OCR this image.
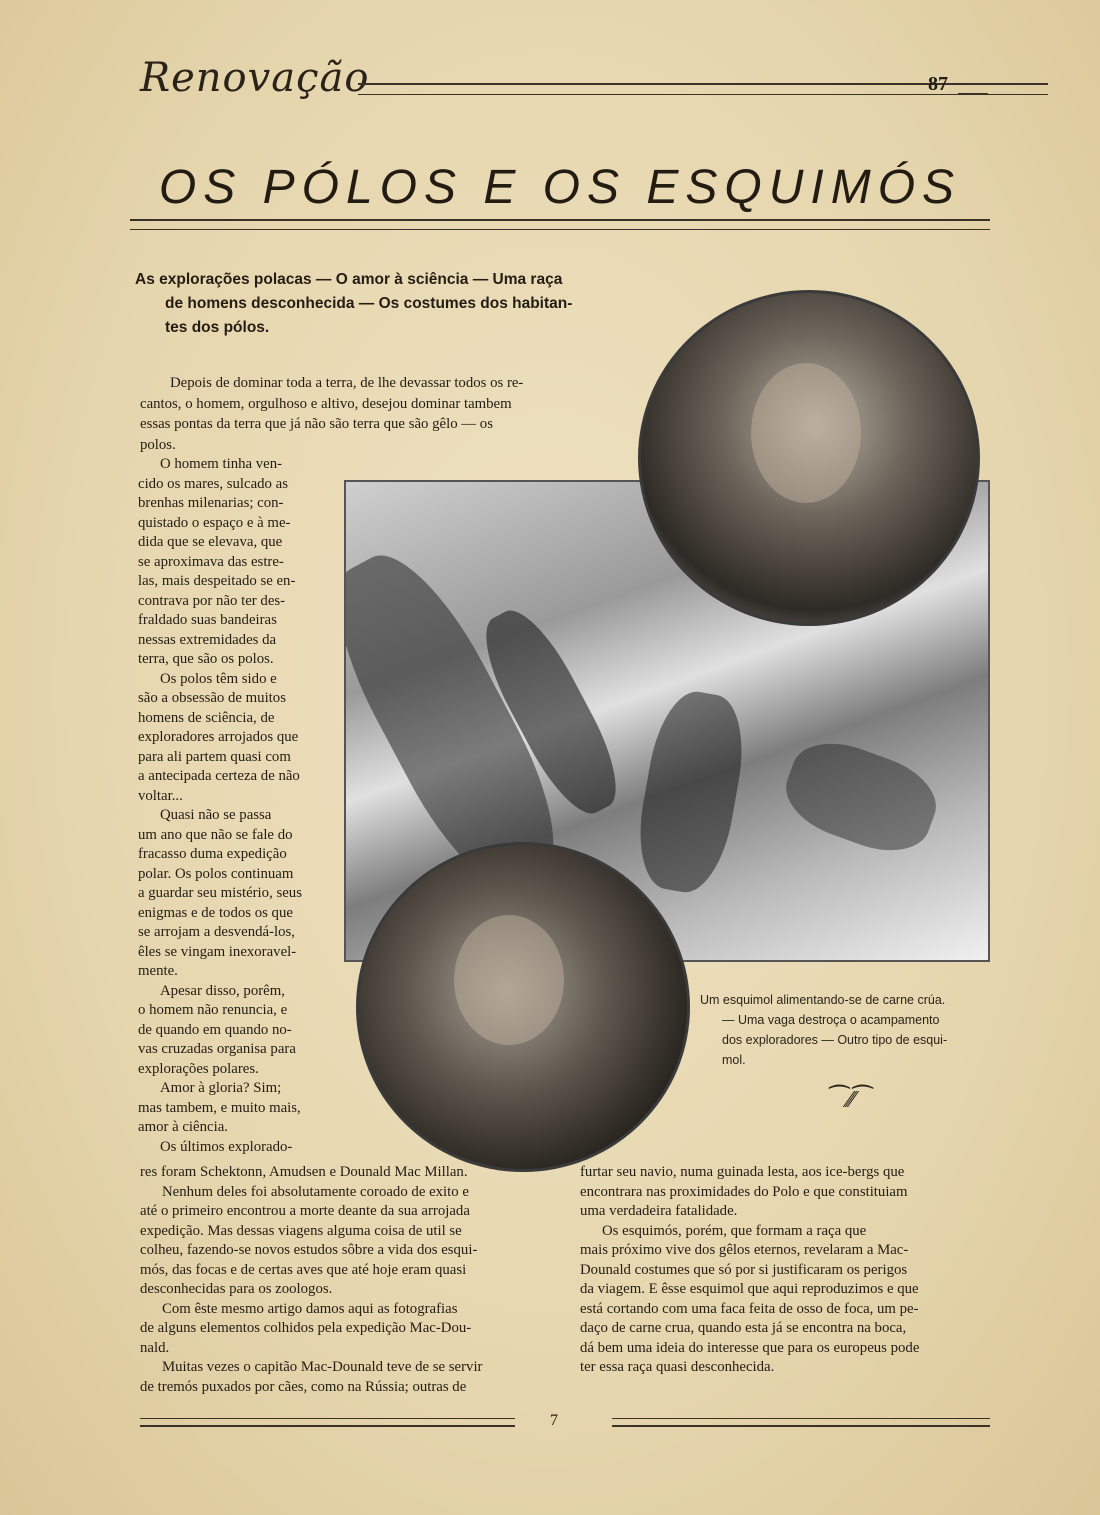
Renovação	87
OS PÓLOS E OS ESQUIMÓS
As explorações polacas — O amor à sciência — Uma raça
de homens desconhecida — Os costumes dos habitan-
tes dos pólos.
Depois de dominar toda a terra, de lhe devassar todos os re-
cantos, o homem, orgulhoso e altivo, desejou dominar tambem
essas pontas da terra que já não são terra que são gêlo — os
polos.
O homem tinha ven-
cido os mares, sulcado as
brenhas milenarias; con-
quistado o espaço e à me-
dida que se elevava, que
se aproximava das estre-
las, mais despeitado se en-
contrava por não ter des-
fraldado suas bandeiras
nessas extremidades da
terra, que são os polos.
Os polos têm sido e
são a obsessão de muitos
homens de sciência, de
exploradores arrojados que
para ali partem quasi com
a antecipada certeza de não
voltar...
Quasi não se passa
um ano que não se fale do
fracasso duma expedição
polar. Os polos continuam
a guardar seu mistério, seus
enigmas e de todos os que
se arrojam a desvendá-los,
êles se vingam inexoravel-
mente.
Apesar disso, porêm,
o homem não renuncia, e
de quando em quando no-
vas cruzadas organisa para
explorações polares.
Amor à gloria? Sim;
mas tambem, e muito mais,
amor à ciência.
Os últimos explorado-
Um esquimol alimentando-se de carne crúa.
— Uma vaga destroça o acampamento
dos exploradores — Outro tipo de esqui-
mol.
⁀⁄⁄⁄⁀
res foram Schektonn, Amudsen e Dounald Mac Millan.
Nenhum deles foi absolutamente coroado de exito e
até o primeiro encontrou a morte deante da sua arrojada
expedição. Mas dessas viagens alguma coisa de util se
colheu, fazendo-se novos estudos sôbre a vida dos esqui-
mós, das focas e de certas aves que até hoje eram quasi
desconhecidas para os zoologos.
Com êste mesmo artigo damos aqui as fotografias
de alguns elementos colhidos pela expedição Mac-Dou-
nald.
Muitas vezes o capitão Mac-Dounald teve de se servir
de tremós puxados por cães, como na Rússia; outras de
furtar seu navio, numa guinada lesta, aos ice-bergs que
encontrara nas proximidades do Polo e que constituiam
uma verdadeira fatalidade.
Os esquimós, porém, que formam a raça que
mais próximo vive dos gêlos eternos, revelaram a Mac-
Dounald costumes que só por si justificaram os perigos
da viagem. E êsse esquimol que aqui reproduzimos e que
está cortando com uma faca feita de osso de foca, um pe-
daço de carne crua, quando esta já se encontra na boca,
dá bem uma ideia do interesse que para os europeus pode
ter essa raça quasi desconhecida.
7
